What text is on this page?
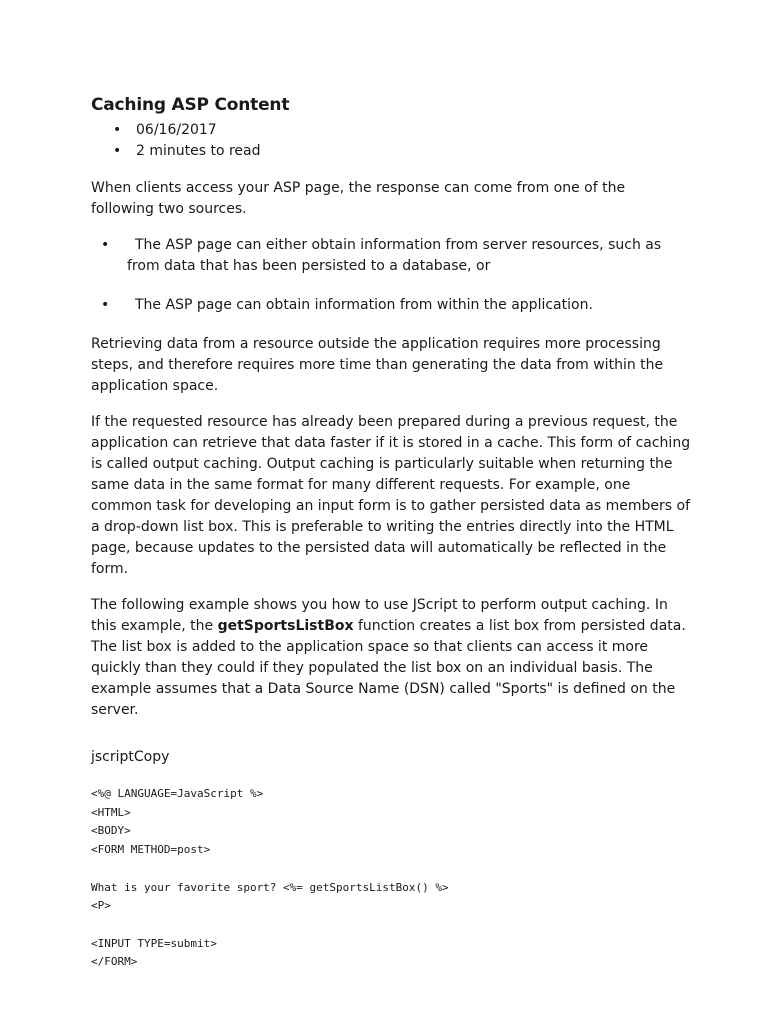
Caching ASP Content
• 06/16/2017
• 2 minutes to read

When clients access your ASP page, the response can come from one of the following two sources.

• The ASP page can either obtain information from server resources, such as from data that has been persisted to a database, or
• The ASP page can obtain information from within the application.

Retrieving data from a resource outside the application requires more processing steps, and therefore requires more time than generating the data from within the application space.

If the requested resource has already been prepared during a previous request, the application can retrieve that data faster if it is stored in a cache. This form of caching is called output caching. Output caching is particularly suitable when returning the same data in the same format for many different requests. For example, one common task for developing an input form is to gather persisted data as members of a drop-down list box. This is preferable to writing the entries directly into the HTML page, because updates to the persisted data will automatically be reflected in the form.

The following example shows you how to use JScript to perform output caching. In this example, the getSportsListBox function creates a list box from persisted data. The list box is added to the application space so that clients can access it more quickly than they could if they populated the list box on an individual basis. The example assumes that a Data Source Name (DSN) called "Sports" is defined on the server.

jscriptCopy
<%@ LANGUAGE=JavaScript %>
<HTML>
<BODY>
<FORM METHOD=post>

What is your favorite sport? <%= getSportsListBox() %>
<P>

<INPUT TYPE=submit>
</FORM>
